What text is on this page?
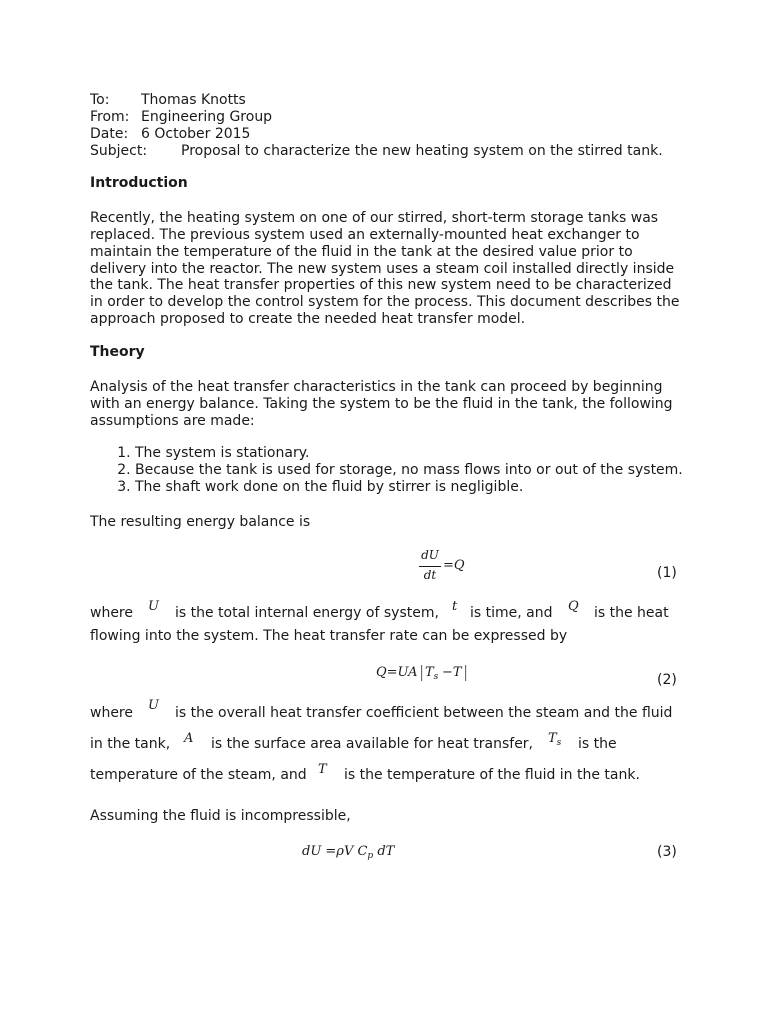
To: Thomas Knotts
From: Engineering Group
Date: 6 October 2015
Subject: Proposal to characterize the new heating system on the stirred tank.
Introduction
Recently, the heating system on one of our stirred, short-term storage tanks was
replaced. The previous system used an externally-mounted heat exchanger to
maintain the temperature of the fluid in the tank at the desired value prior to
delivery into the reactor. The new system uses a steam coil installed directly inside
the tank. The heat transfer properties of this new system need to be characterized
in order to develop the control system for the process. This document describes the
approach proposed to create the needed heat transfer model.
Theory
Analysis of the heat transfer characteristics in the tank can proceed by beginning
with an energy balance. Taking the system to be the fluid in the tank, the following
assumptions are made:
1. The system is stationary.
2. Because the tank is used for storage, no mass flows into or out of the system.
3. The shaft work done on the fluid by stirrer is negligible.
The resulting energy balance is
dU
dt
=Q	(1)
where U is the total internal energy of system, t is time, and Q is the heat
flowing into the system. The heat transfer rate can be expressed by
Q=UA | $T_s -T$ |	(2)
where U is the overall heat transfer coefficient between the steam and the fluid
in the tank, A is the surface area available for heat transfer, $T_s$ is the
temperature of the steam, and T is the temperature of the fluid in the tank.
Assuming the fluid is incompressible,
dU =ρV $C_p$ dT	(3)
